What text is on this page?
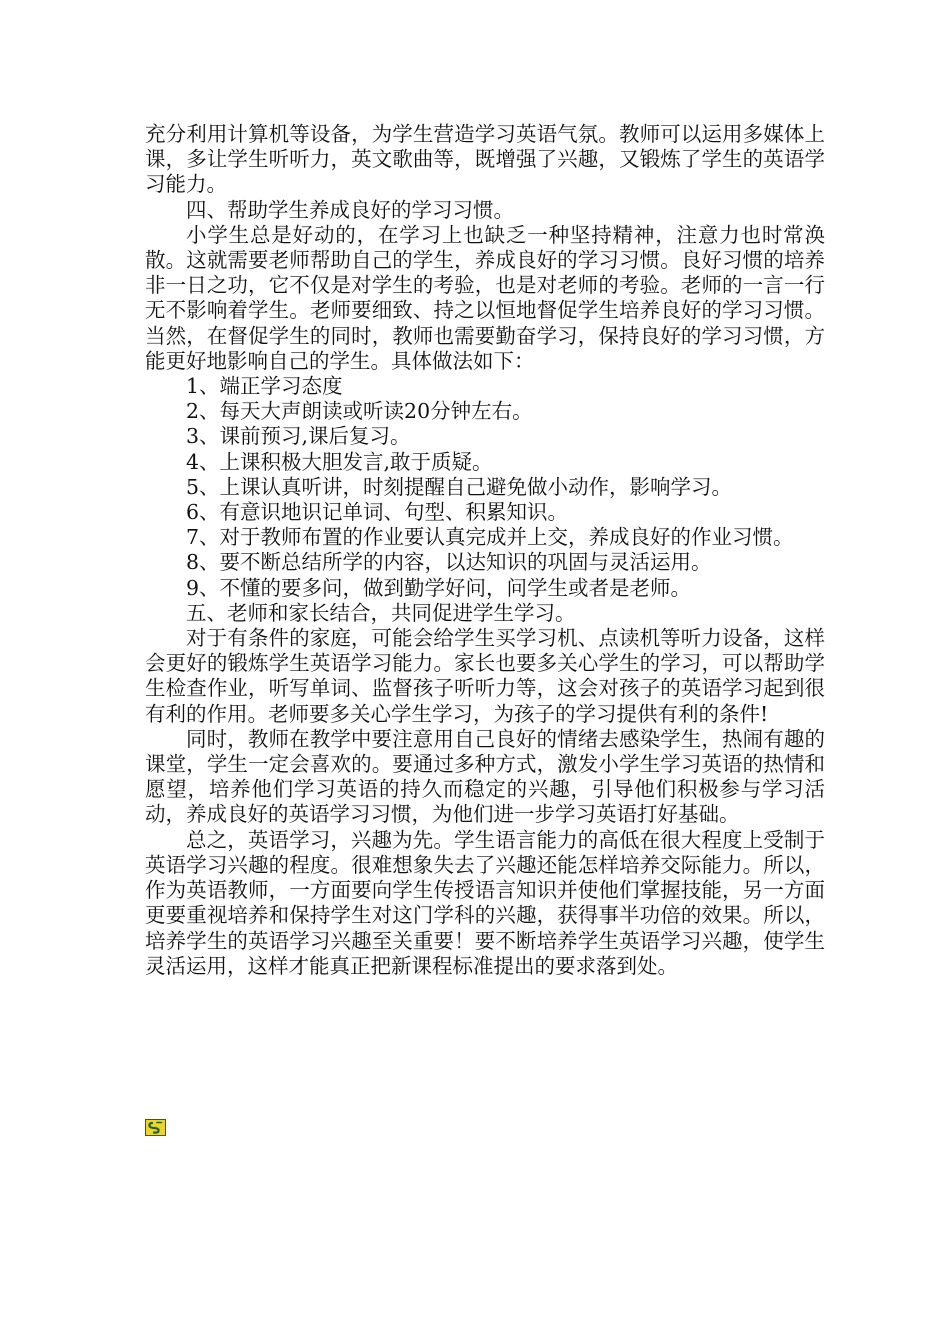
充分利用计算机等设备，为学生营造学习英语气氛。教师可以运用多媒体上课，多让学生听听力，英文歌曲等，既增强了兴趣，又锻炼了学生的英语学习能力。

四、帮助学生养成良好的学习习惯。

小学生总是好动的，在学习上也缺乏一种坚持精神，注意力也时常涣散。这就需要老师帮助自己的学生，养成良好的学习习惯。良好习惯的培养非一日之功，它不仅是对学生的考验，也是对老师的考验。老师的一言一行无不影响着学生。老师要细致、持之以恒地督促学生培养良好的学习习惯。当然，在督促学生的同时，教师也需要勤奋学习，保持良好的学习习惯，方能更好地影响自己的学生。具体做法如下：

1、端正学习态度

2、每天大声朗读或听读20分钟左右。

3、课前预习,课后复习。

4、上课积极大胆发言,敢于质疑。

5、上课认真听讲，时刻提醒自己避免做小动作，影响学习。

6、有意识地识记单词、句型、积累知识。

7、对于教师布置的作业要认真完成并上交，养成良好的作业习惯。

8、要不断总结所学的内容，以达知识的巩固与灵活运用。

9、不懂的要多问，做到勤学好问，问学生或者是老师。

五、老师和家长结合，共同促进学生学习。

对于有条件的家庭，可能会给学生买学习机、点读机等听力设备，这样会更好的锻炼学生英语学习能力。家长也要多关心学生的学习，可以帮助学生检查作业，听写单词、监督孩子听听力等，这会对孩子的英语学习起到很有利的作用。老师要多关心学生学习，为孩子的学习提供有利的条件!

同时，教师在教学中要注意用自己良好的情绪去感染学生，热闹有趣的课堂，学生一定会喜欢的。要通过多种方式，激发小学生学习英语的热情和愿望，培养他们学习英语的持久而稳定的兴趣，引导他们积极参与学习活动，养成良好的英语学习习惯，为他们进一步学习英语打好基础。

总之，英语学习，兴趣为先。学生语言能力的高低在很大程度上受制于英语学习兴趣的程度。很难想象失去了兴趣还能怎样培养交际能力。所以，作为英语教师，一方面要向学生传授语言知识并使他们掌握技能，另一方面更要重视培养和保持学生对这门学科的兴趣，获得事半功倍的效果。所以，培养学生的英语学习兴趣至关重要！要不断培养学生英语学习兴趣，使学生灵活运用，这样才能真正把新课程标准提出的要求落到处。
